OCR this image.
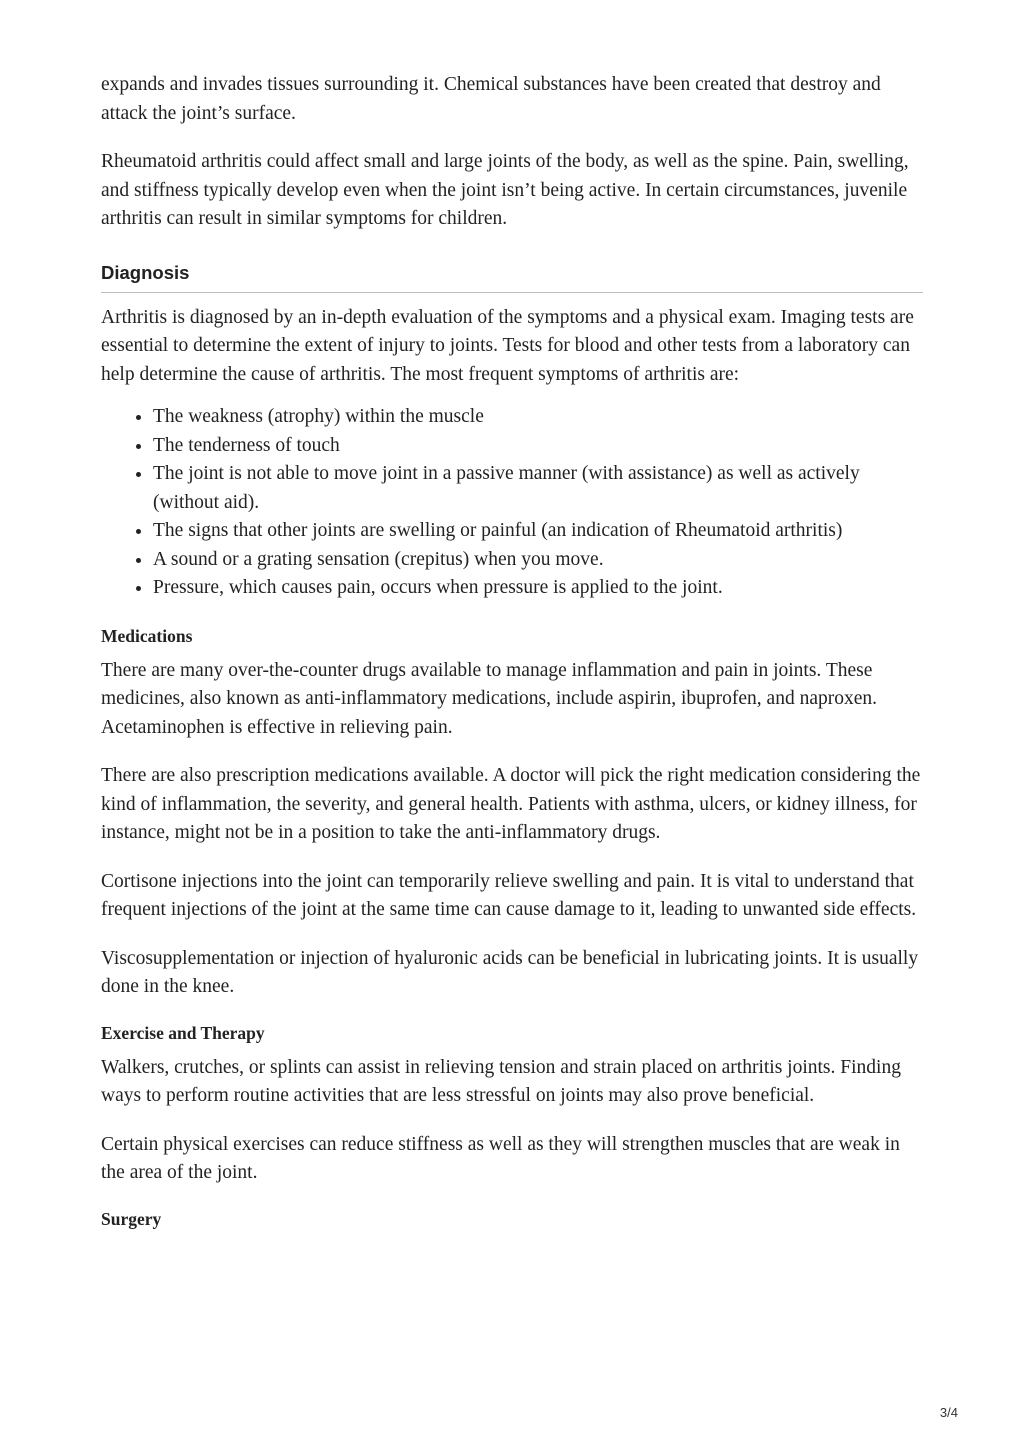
expands and invades tissues surrounding it. Chemical substances have been created that destroy and attack the joint’s surface.

Rheumatoid arthritis could affect small and large joints of the body, as well as the spine. Pain, swelling, and stiffness typically develop even when the joint isn’t being active. In certain circumstances, juvenile arthritis can result in similar symptoms for children.

Diagnosis

Arthritis is diagnosed by an in-depth evaluation of the symptoms and a physical exam. Imaging tests are essential to determine the extent of injury to joints. Tests for blood and other tests from a laboratory can help determine the cause of arthritis. The most frequent symptoms of arthritis are:

• The weakness (atrophy) within the muscle
• The tenderness of touch
• The joint is not able to move joint in a passive manner (with assistance) as well as actively (without aid).
• The signs that other joints are swelling or painful (an indication of Rheumatoid arthritis)
• A sound or a grating sensation (crepitus) when you move.
• Pressure, which causes pain, occurs when pressure is applied to the joint.
Medications

There are many over-the-counter drugs available to manage inflammation and pain in joints. These medicines, also known as anti-inflammatory medications, include aspirin, ibuprofen, and naproxen. Acetaminophen is effective in relieving pain.

There are also prescription medications available. A doctor will pick the right medication considering the kind of inflammation, the severity, and general health. Patients with asthma, ulcers, or kidney illness, for instance, might not be in a position to take the anti-inflammatory drugs.

Cortisone injections into the joint can temporarily relieve swelling and pain. It is vital to understand that frequent injections of the joint at the same time can cause damage to it, leading to unwanted side effects.

Viscosupplementation or injection of hyaluronic acids can be beneficial in lubricating joints. It is usually done in the knee.

Exercise and Therapy

Walkers, crutches, or splints can assist in relieving tension and strain placed on arthritis joints. Finding ways to perform routine activities that are less stressful on joints may also prove beneficial.

Certain physical exercises can reduce stiffness as well as they will strengthen muscles that are weak in the area of the joint.

Surgery
3/4
